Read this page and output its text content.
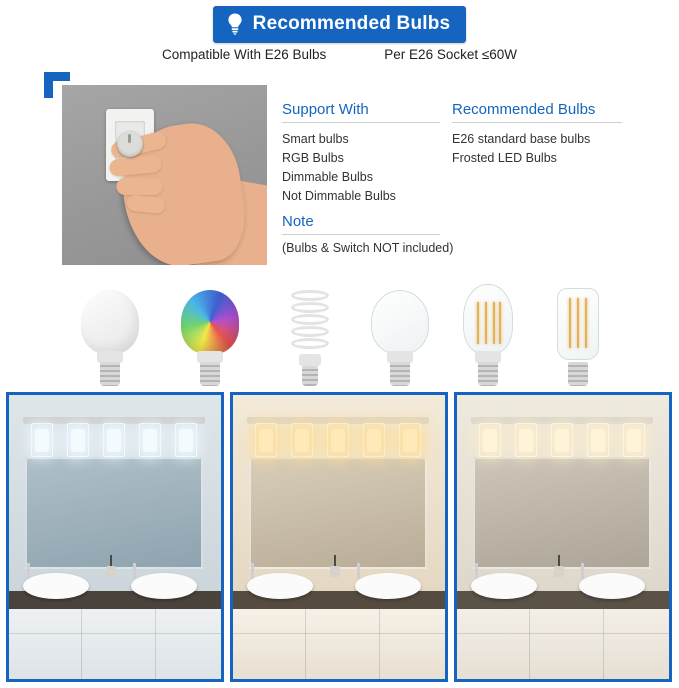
Recommended Bulbs
Compatible With E26 Bulbs	Per E26 Socket ≤60W
Support With
Smart bulbs
RGB Bulbs
Dimmable Bulbs
Not Dimmable Bulbs
Recommended Bulbs
E26 standard base bulbs
Frosted LED Bulbs
Note
(Bulbs & Switch NOT included)
